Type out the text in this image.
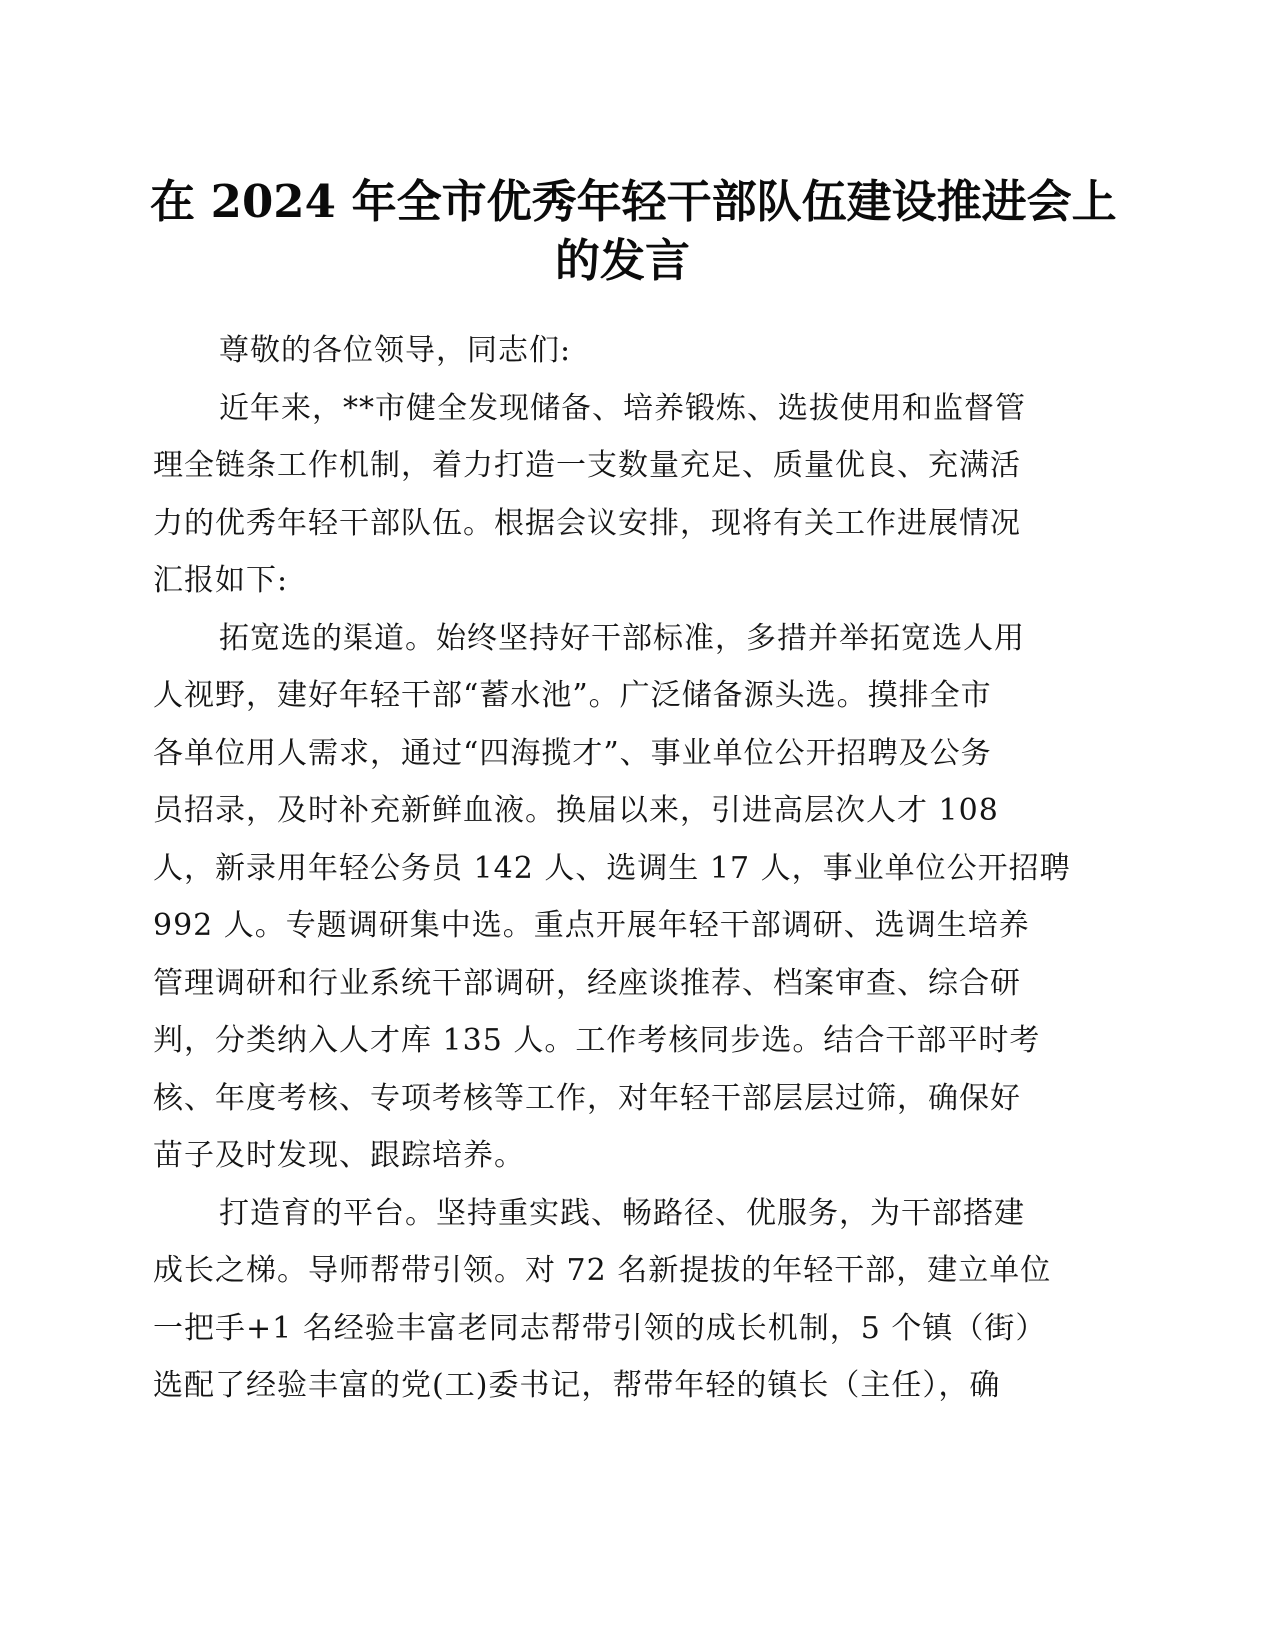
在 2024 年全市优秀年轻干部队伍建设推进会上
的发言

尊敬的各位领导，同志们:

近年来，**市健全发现储备、培养锻炼、选拔使用和监督管
理全链条工作机制，着力打造一支数量充足、质量优良、充满活
力的优秀年轻干部队伍。根据会议安排，现将有关工作进展情况
汇报如下:

拓宽选的渠道。始终坚持好干部标准，多措并举拓宽选人用
人视野，建好年轻干部“蓄水池”。广泛储备源头选。摸排全市
各单位用人需求，通过“四海揽才”、事业单位公开招聘及公务
员招录，及时补充新鲜血液。换届以来，引进高层次人才 108
人，新录用年轻公务员 142 人、选调生 17 人，事业单位公开招聘
992 人。专题调研集中选。重点开展年轻干部调研、选调生培养
管理调研和行业系统干部调研，经座谈推荐、档案审查、综合研
判，分类纳入人才库 135 人。工作考核同步选。结合干部平时考
核、年度考核、专项考核等工作，对年轻干部层层过筛，确保好
苗子及时发现、跟踪培养。

打造育的平台。坚持重实践、畅路径、优服务，为干部搭建
成长之梯。导师帮带引领。对 72 名新提拔的年轻干部，建立单位
一把手+1 名经验丰富老同志帮带引领的成长机制，5 个镇（街）
选配了经验丰富的党(工)委书记，帮带年轻的镇长（主任），确
